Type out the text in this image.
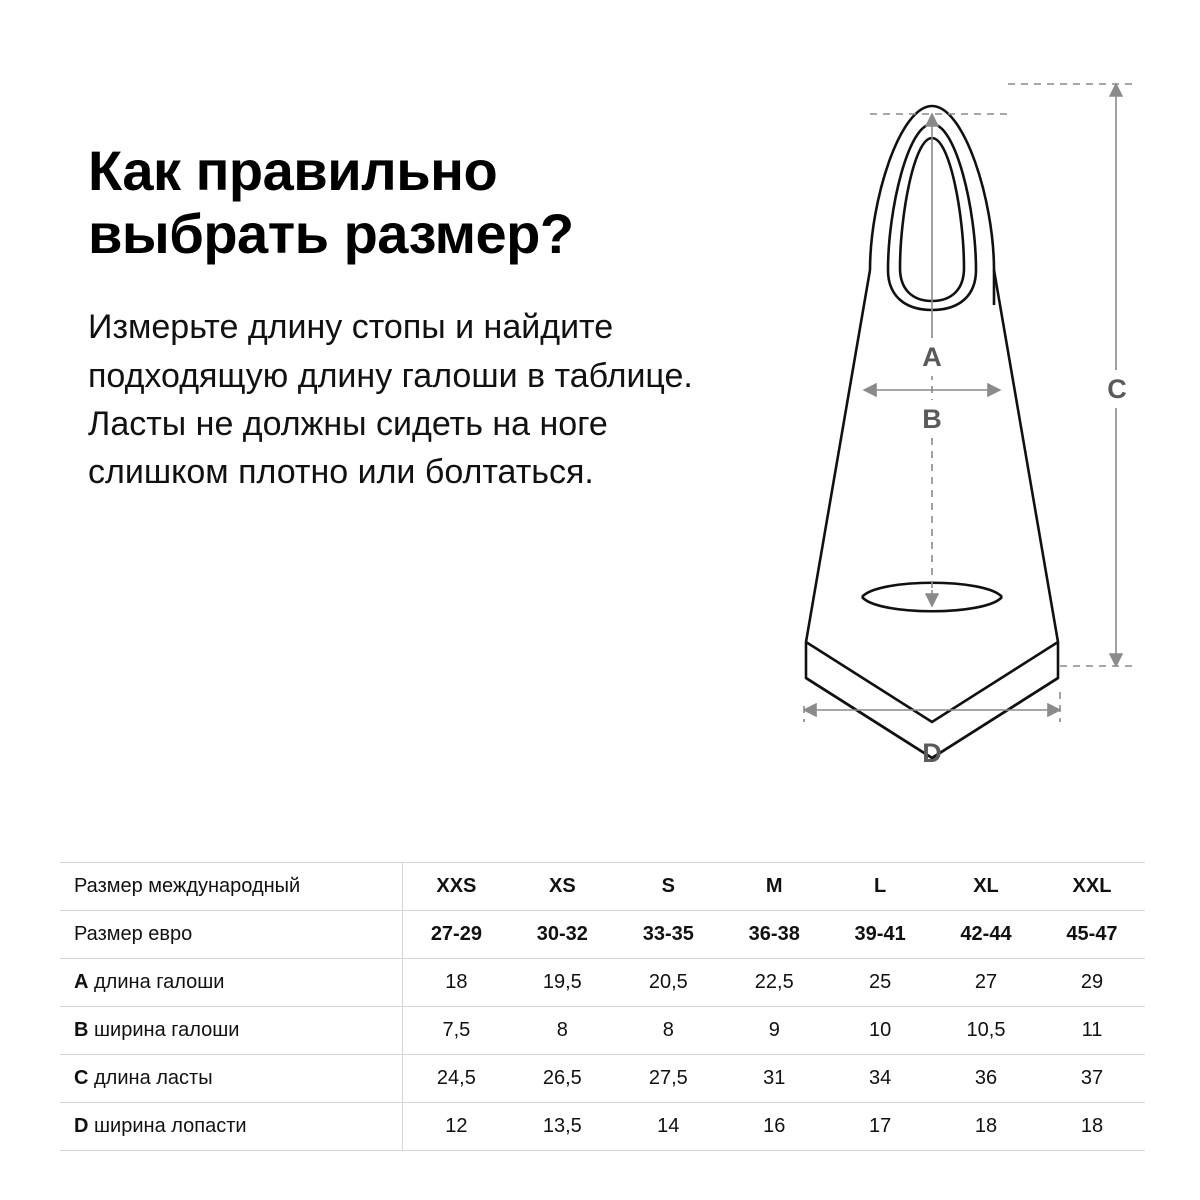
Как правильно выбрать размер?

Измерьте длину стопы и найдите подходящую длину галоши в таблице. Ласты не должны сидеть на ноге слишком плотно или болтаться.

A
B
C
D
Размер международный	XXS	XS	S	M	L	XL	XXL
Размер евро	27-29	30-32	33-35	36-38	39-41	42-44	45-47
A длина галоши	18	19,5	20,5	22,5	25	27	29
B ширина галоши	7,5	8	8	9	10	10,5	11
C длина ласты	24,5	26,5	27,5	31	34	36	37
D ширина лопасти	12	13,5	14	16	17	18	18
